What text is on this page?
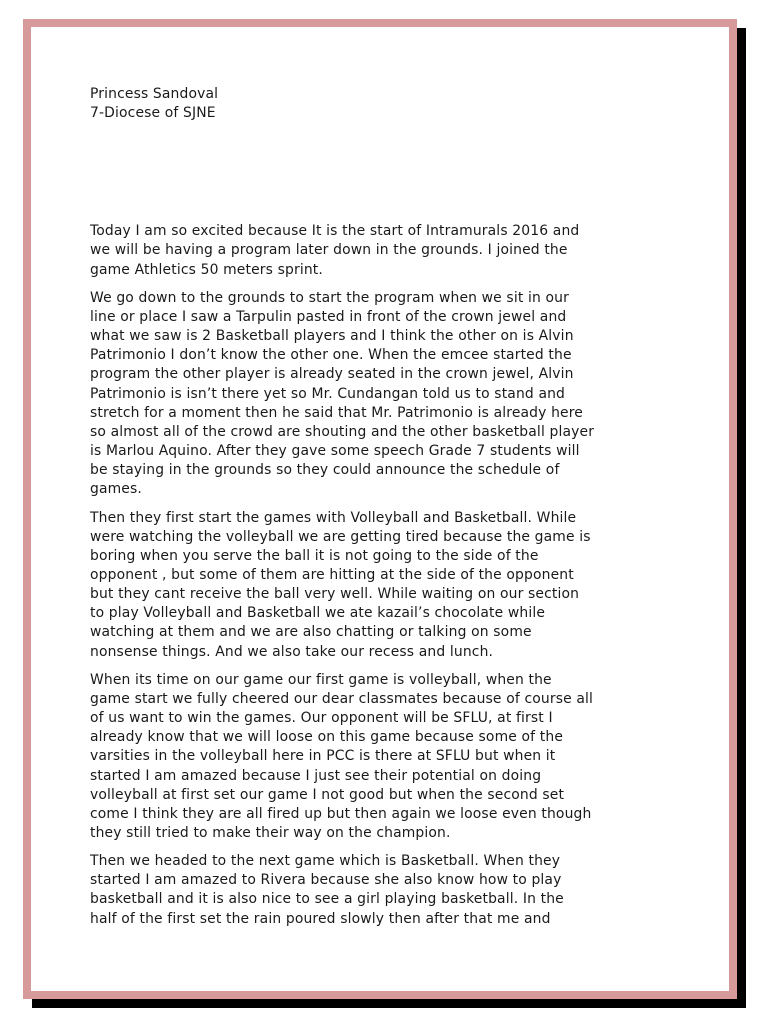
Princess Sandoval

7-Diocese of SJNE

Today I am so excited because It is the start of Intramurals 2016 and
we will be having a program later down in the grounds. I joined the
game Athletics 50 meters sprint.

We go down to the grounds to start the program when we sit in our
line or place I saw a Tarpulin pasted in front of the crown jewel and
what we saw is 2 Basketball players and I think the other on is Alvin
Patrimonio I don’t know the other one. When the emcee started the
program the other player is already seated in the crown jewel, Alvin
Patrimonio is isn’t there yet so Mr. Cundangan told us to stand and
stretch for a moment then he said that Mr. Patrimonio is already here
so almost all of the crowd are shouting and the other basketball player
is Marlou Aquino. After they gave some speech Grade 7 students will
be staying in the grounds so they could announce the schedule of
games.

Then they first start the games with Volleyball and Basketball. While
were watching the volleyball we are getting tired because the game is
boring when you serve the ball it is not going to the side of the
opponent , but some of them are hitting at the side of the opponent
but they cant receive the ball very well. While waiting on our section
to play Volleyball and Basketball we ate kazail’s chocolate while
watching at them and we are also chatting or talking on some
nonsense things. And we also take our recess and lunch.

When its time on our game our first game is volleyball, when the
game start we fully cheered our dear classmates because of course all
of us want to win the games. Our opponent will be SFLU, at first I
already know that we will loose on this game because some of the
varsities in the volleyball here in PCC is there at SFLU but when it
started I am amazed because I just see their potential on doing
volleyball at first set our game I not good but when the second set
come I think they are all fired up but then again we loose even though
they still tried to make their way on the champion.

Then we headed to the next game which is Basketball. When they
started I am amazed to Rivera because she also know how to play
basketball and it is also nice to see a girl playing basketball. In the
half of the first set the rain poured slowly then after that me and
